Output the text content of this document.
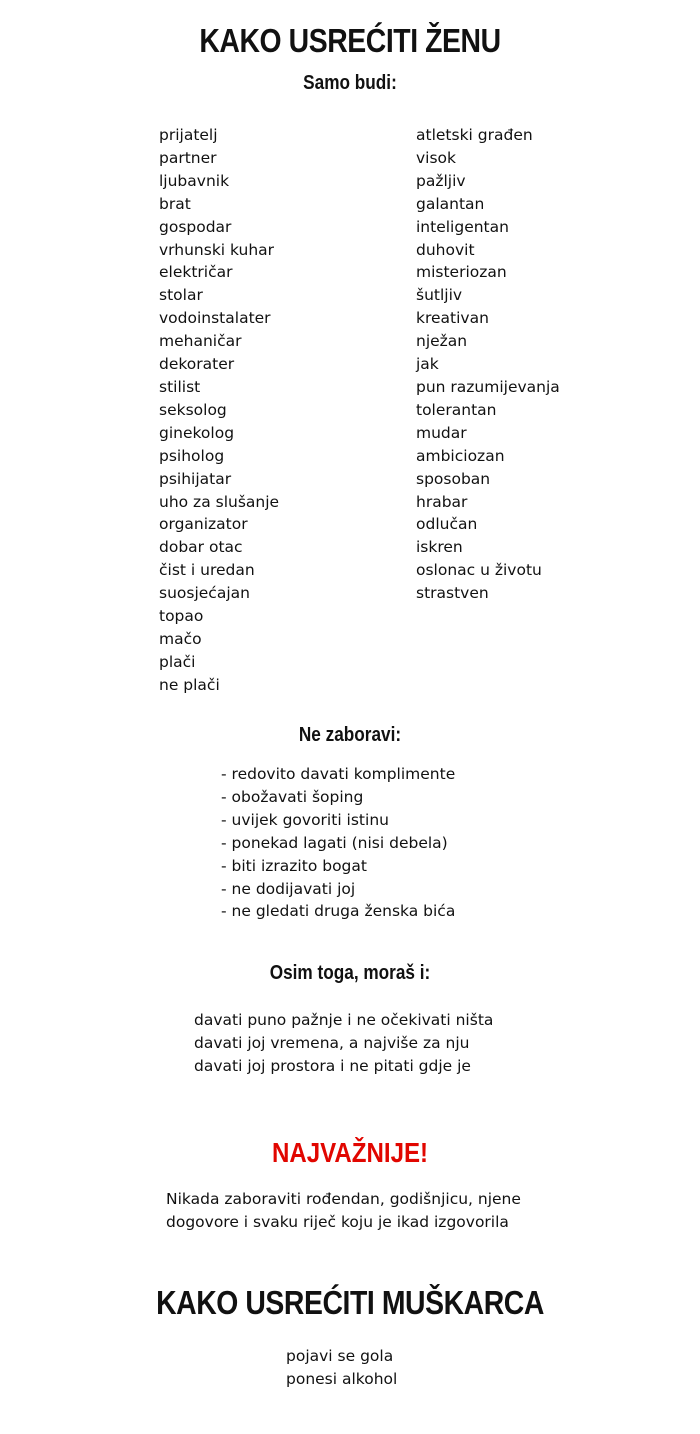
KAKO USREĆITI ŽENU
Samo budi:
prijatelj
partner
ljubavnik
brat
gospodar
vrhunski kuhar
električar
stolar
vodoinstalater
mehaničar
dekorater
stilist
seksolog
ginekolog
psiholog
psihijatar
uho za slušanje
organizator
dobar otac
čist i uredan
suosjećajan
topao
mačo
plači
ne plači
atletski građen
visok
pažljiv
galantan
inteligentan
duhovit
misteriozan
šutljiv
kreativan
nježan
jak
pun razumijevanja
tolerantan
mudar
ambiciozan
sposoban
hrabar
odlučan
iskren
oslonac u životu
strastven
Ne zaboravi:
- redovito davati komplimente
- obožavati šoping
- uvijek govoriti istinu
- ponekad lagati (nisi debela)
- biti izrazito bogat
- ne dodijavati joj
- ne gledati druga ženska bića
Osim toga, moraš i:
davati puno pažnje i ne očekivati ništa
davati joj vremena, a najviše za nju
davati joj prostora i ne pitati gdje je
NAJVAŽNIJE!
Nikada zaboraviti rođendan, godišnjicu, njene
dogovore i svaku riječ koju je ikad izgovorila
KAKO USREĆITI MUŠKARCA
pojavi se gola
ponesi alkohol
